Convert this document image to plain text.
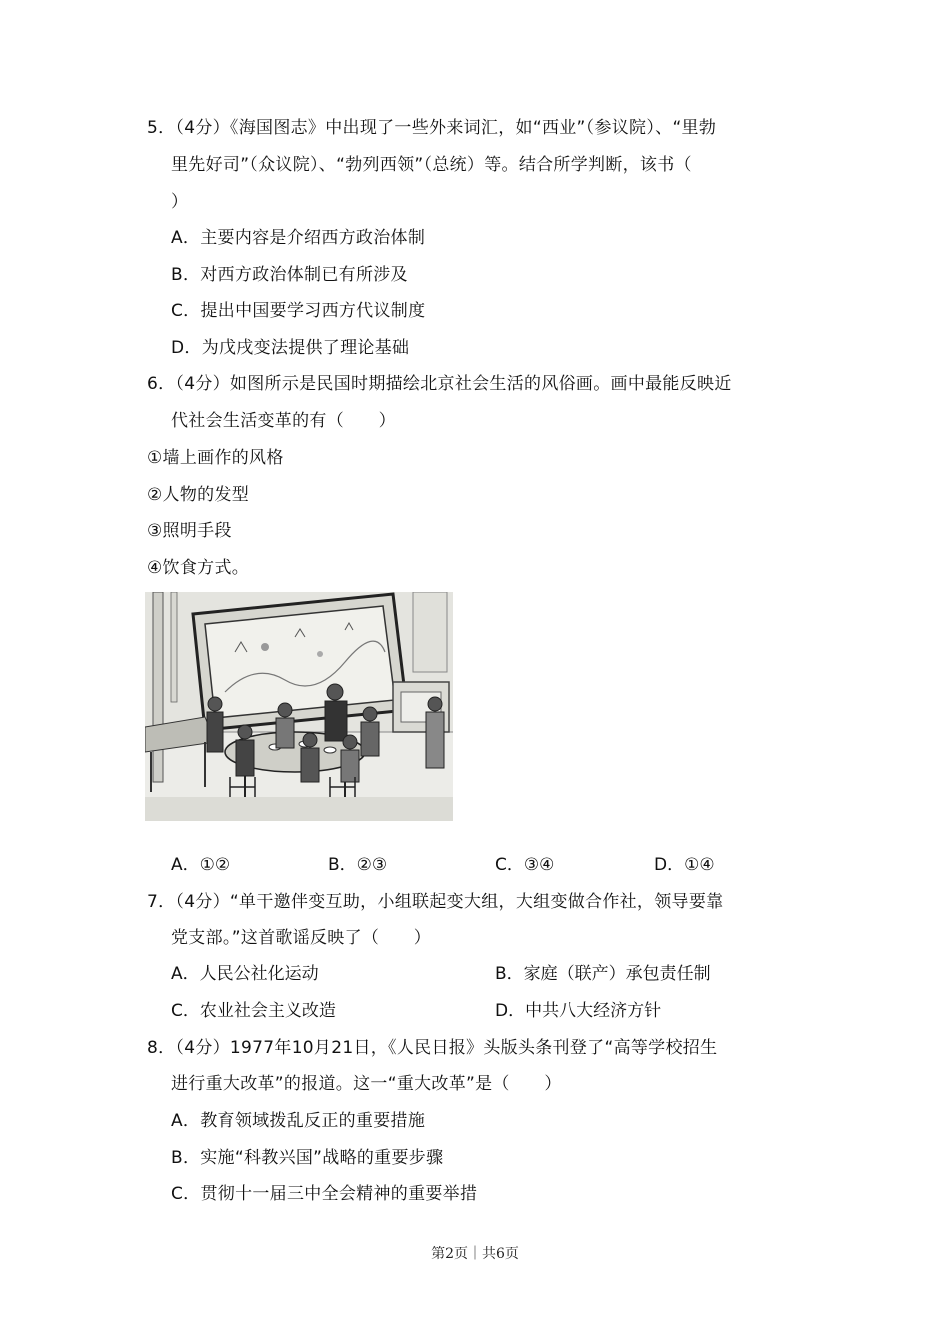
5．（4分）《海国图志》中出现了一些外来词汇，如“西业”（参议院）、“里勃
里先好司”（众议院）、“勃列西领”（总统）等。结合所学判断，该书（
）
A．主要内容是介绍西方政治体制
B．对西方政治体制已有所涉及
C．提出中国要学习西方代议制度
D．为戊戌变法提供了理论基础
6．（4分）如图所示是民国时期描绘北京社会生活的风俗画。画中最能反映近
代社会生活变革的有（　　）
①墙上画作的风格
②人物的发型
③照明手段
④饮食方式。
A．①②	B．②③	C．③④	D．①④
7．（4分）“单干邀伴变互助，小组联起变大组，大组变做合作社，领导要靠
党支部。”这首歌谣反映了（　　）
A．人民公社化运动	B．家庭（联产）承包责任制
C．农业社会主义改造	D．中共八大经济方针
8．（4分）1977年10月21日，《人民日报》头版头条刊登了“高等学校招生
进行重大改革”的报道。这一“重大改革”是（　　）
A．教育领域拨乱反正的重要措施
B．实施“科教兴国”战略的重要步骤
C．贯彻十一届三中全会精神的重要举措
第2页｜共6页
